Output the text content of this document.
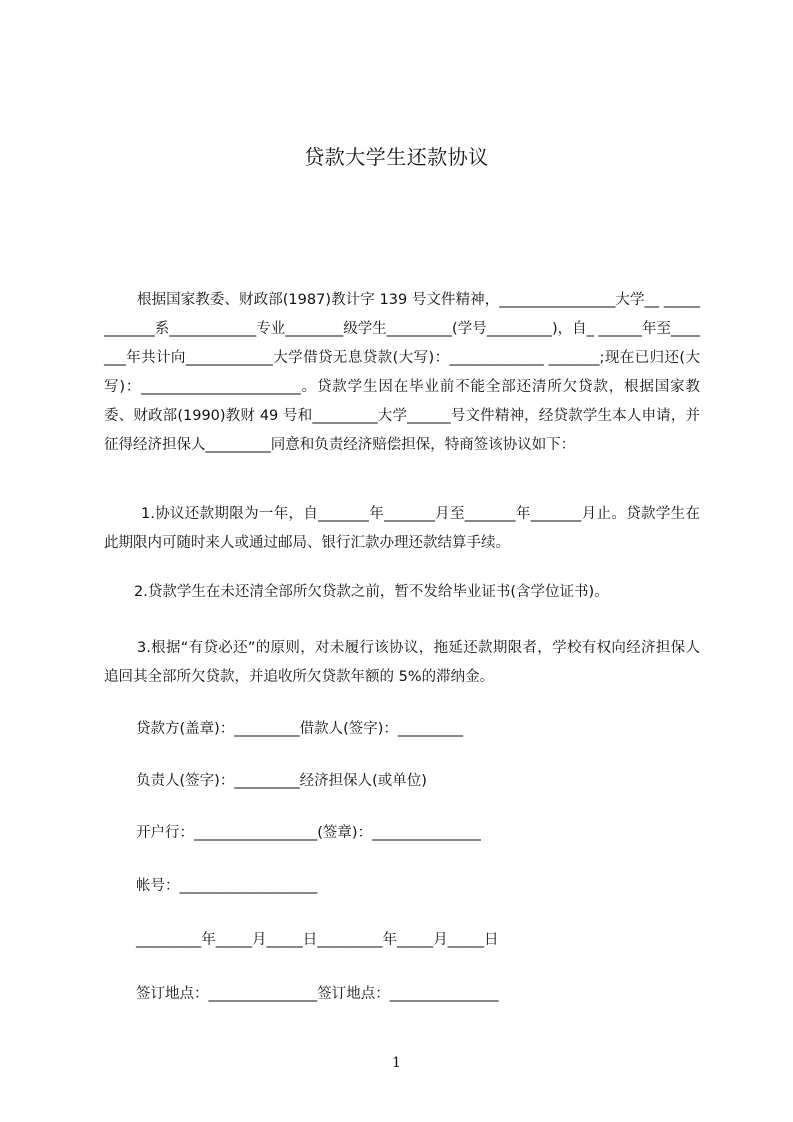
贷款大学生还款协议

根据国家教委、财政部(1987)教计字 139 号文件精神，________________大学__ ____________系____________专业________级学生_________(学号_________)，自_ ______年至_______年共计向____________大学借贷无息贷款(大写)：_____________ _______;现在已归还(大写)：______________________。贷款学生因在毕业前不能全部还清所欠贷款，根据国家教委、财政部(1990)教财 49 号和_________大学______号文件精神，经贷款学生本人申请，并征得经济担保人_________同意和负责经济赔偿担保，特商签该协议如下：

1.协议还款期限为一年，自_______年_______月至_______年_______月止。贷款学生在此期限内可随时来人或通过邮局、银行汇款办理还款结算手续。

2.贷款学生在未还清全部所欠贷款之前，暂不发给毕业证书(含学位证书)。

3.根据“有贷必还”的原则，对未履行该协议，拖延还款期限者，学校有权向经济担保人追回其全部所欠贷款，并追收所欠贷款年额的 5%的滞纳金。

贷款方(盖章)：_________借款人(签字)：_________
负责人(签字)：_________经济担保人(或单位)
开户行：_________________(签章)：_______________
帐号：___________________
_________年_____月_____日_________年_____月_____日
签订地点：_______________签订地点：_______________
1
